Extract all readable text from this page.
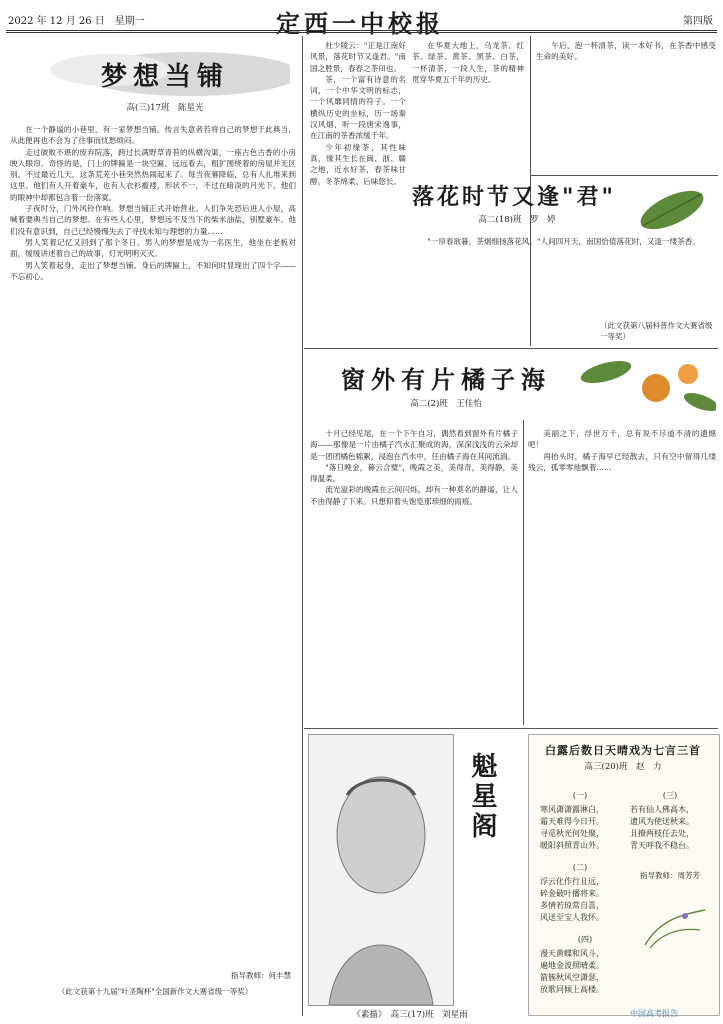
2022 年 12 月 26 日　星期一	定西一中校报	第四版
梦想当铺
高(三)17班　陈星光

在一个静谧的小巷里，有一家梦想当铺。传言失意者若将自己的梦想于此典当，从此便再也不会为了往事而忧愁烦闷。

走过破败不堪的废弃院落，跨过长满野草青苔的纵横沟渠，一座古色古香的小房映入眼帘。奇怪的是，门上的牌匾是一块空匾。远远看去，粗犷围绕着的房屋并无区别，不过最近几天，这条荒芜小巷突然热闹起来了。每当夜幕降临，总有人扎堆来到这里。他们有人开着豪车，也有人衣衫褴褛，形状不一，不过在暗淡的月光下，他们的眼神中却都包含着一份落寞。

子夜时分，门外风铃作响。梦想当铺正式开始营业。人们争先恐后进入小屋，高喊着要典当自己的梦想。在有些人心里，梦想远不及当下的柴米油盐，别墅豪车。他们没有意识到，自己已经慢慢失去了寻找未知与理想的力量……

男人笑着记忆又回到了那个冬日。男人的梦想是成为一名医生，他坐在老板对面，缓缓讲述着自己的故事，灯光明明灭灭。

男人笑着起身，走出了梦想当铺。身后的牌匾上，不知何时显现出了四个字——不忘初心。

指导教师：何丰慧
（此文获第十九届"叶圣陶杯"全国新作文大赛省级一等奖）

杜少陵云："正是江南好风景，落花时节又逢君。"南国之胜景，春春之茶田也。

茶，一个富有诗意的名词，一个中华文明的标志，一个风靡同情的符子。一个横纵历史的坐标，历一场秦汉风烟，听一段唐宋逸事，在江南的茶香浓缓千年。

少年初缘茶，其性味真，缘其生长在闽、浙、赣之地，近水好茶，春茶味甘醇，冬茶绵柔、后味悠长。

在华夏大地上，乌龙茶、红茶、绿茶、黄茶、黑茶、白茶，一杯清茶，一段人生，茶的精神贯穿华夏五千年的历史。

午后，泡一杯清茶，读一本好书，在茶香中感受生命的美好。

落花时节又逢"君"
高二(18)班　罗　婷

"一帘春欲暮，茶烟细扬落花风。"人间四月天，南国恰值落花时，又逢一缕茶香。

（此文获第八届科普作文大赛省级一等奖）
窗外有片橘子海
高二(2)班　王佳怡

十月已经见尾，在一个下午自习，偶然看到窗外有片橘子海——那像是一片由橘子汽水汇聚成的海，深深浅浅的云朵却是一团团橘色棉絮，浸泡在汽水中，任由橘子海在其间流淌。

"落日晚金，暮云合璧"，晚霞之美，美得奇，美得静，美得温柔。

流光溢彩的晚霞在云间闪烁，却有一种莫名的静谧，让人不由得静了下来。只想仰着头饱览那琐细的雨痕。

美丽之下，浮世万千，总有说不尽道不清的遗憾吧！

再抬头时，橘子海早已经散去，只有空中留得几缕残云，孤零零地飘着……

魁星阁
《素描》　高三(17)班　刘星雨
白露后数日天晴戏为七言三首
高三(20)班　赵　力
(一)
寒风潇潇露淋白，
霜天难得今日开。
寻觅秋光何处聚，
暖阳斜照青山外。
(三)
若有仙人佛高木，
遗风为使送秋来。
且撩两枝任去处，
青天呼我不稳台。
(二)
浮云化作行且远，
碎金破叶播将来。
多情若琼常自喜，
风送至宝人我怀。
指导教师：周芳芳
(四)
漫天黄蝶和风斗，
遍地金波照晴柔。
箭簇秋风空潇瑟，
放歌同倾上高楼。
中国高考报告
